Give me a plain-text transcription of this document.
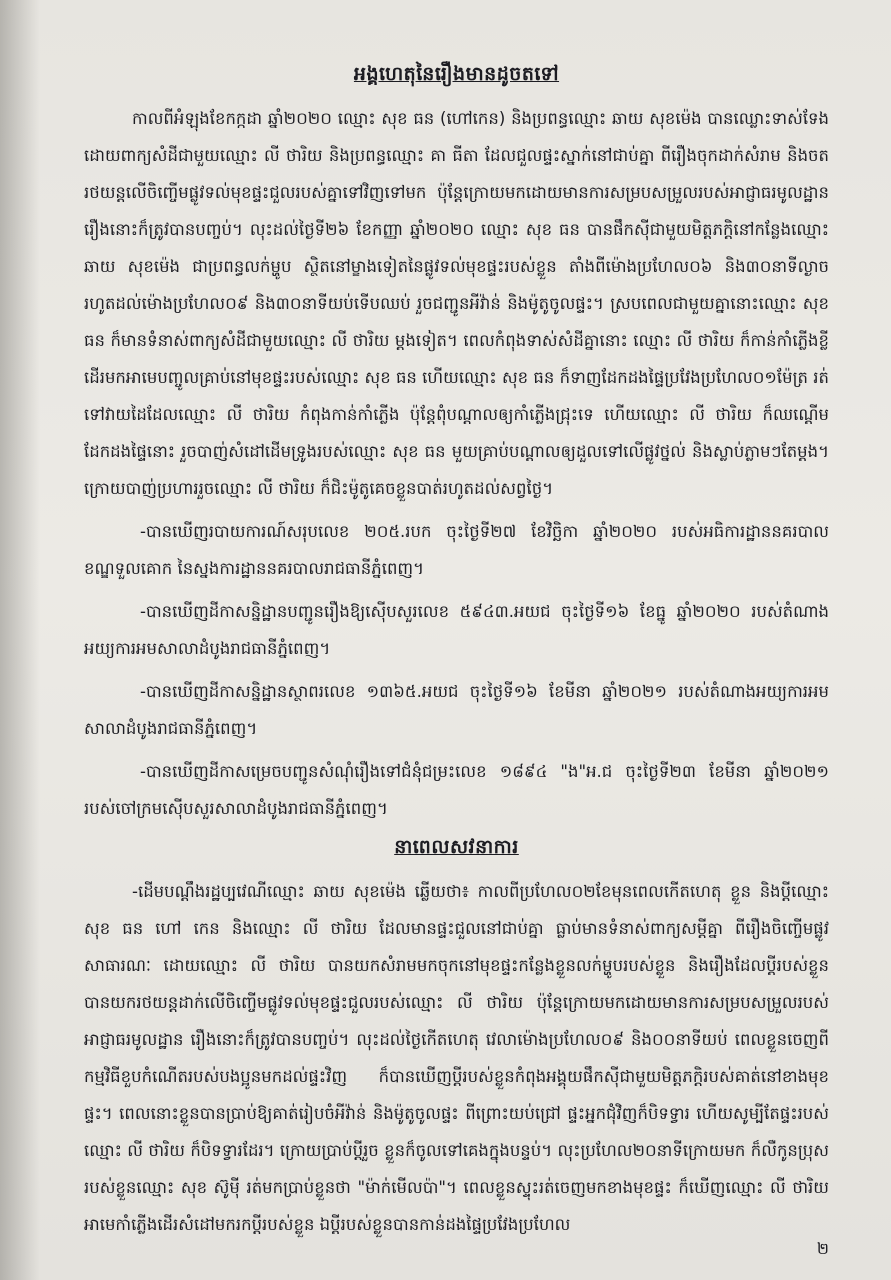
អង្គហេតុនៃរឿងមានដូចតទៅ

កាលពីអំឡុងខែកក្កដា ឆ្នាំ២០២០ ឈ្មោះ សុខ ធន (ហៅកេន) និងប្រពន្ធឈ្មោះ ឆាយ សុខម៉េង បានឈ្លោះទាស់ទែងដោយពាក្យសំដីជាមួយឈ្មោះ លី ថារិយ និងប្រពន្ធឈ្មោះ គា ធីតា ដែលជួលផ្ទះស្នាក់នៅជាប់គ្នា ពីរឿងចុកដាក់សំរាម និងចតរថយន្តលើចិញ្ចើមផ្លូវទល់មុខផ្ទះជួលរបស់គ្នាទៅវិញទៅមក ប៉ុន្តែក្រោយមកដោយមានការសម្របសម្រួលរបស់អាជ្ញាធរមូលដ្ឋាន រឿងនោះក៏ត្រូវបានបញ្ចប់។ លុះដល់ថ្ងៃទី២៦ ខែកញ្ញា ឆ្នាំ២០២០ ឈ្មោះ សុខ ធន បានផឹកស៊ីជាមួយមិត្តភក្តិនៅកន្លែងឈ្មោះ ឆាយ សុខម៉េង ជាប្រពន្ធលក់ម្ហូប ស្ថិតនៅម្ខាងទៀតនៃផ្លូវទល់មុខផ្ទះរបស់ខ្លួន តាំងពីម៉ោងប្រហែល០៦ និង៣០នាទីល្ងាច រហូតដល់ម៉ោងប្រហែល០៩ និង៣០នាទីយប់ទើបឈប់ រួចជញ្ជូនអីវ៉ាន់ និងម៉ូតូចូលផ្ទះ។ ស្របពេលជាមួយគ្នានោះឈ្មោះ សុខ ធន ក៏មានទំនាស់ពាក្យសំដីជាមួយឈ្មោះ លី ថារិយ ម្តងទៀត។ ពេលកំពុងទាស់សំដីគ្នានោះ ឈ្មោះ លី ថារិយ ក៏កាន់កាំភ្លើងខ្លីដើរមកអាមេបញ្ចូលគ្រាប់នៅមុខផ្ទះរបស់ឈ្មោះ សុខ ធន ហើយឈ្មោះ សុខ ធន ក៏ទាញដែកដងផ្ទៃប្រវែងប្រហែល០១ម៉ែត្រ រត់ទៅវាយដៃដែលឈ្មោះ លី ថារិយ កំពុងកាន់កាំភ្លើង ប៉ុន្តែពុំបណ្តាលឲ្យកាំភ្លើងជ្រុះទេ ហើយឈ្មោះ លី ថារិយ ក៏ឈណ្តើមដែកដងផ្ទៃនោះ រួចបាញ់សំដៅដើមទ្រូងរបស់ឈ្មោះ សុខ ធន មួយគ្រាប់បណ្តាលឲ្យដួលទៅលើផ្លូវថ្នល់ និងស្លាប់ភ្លាមៗតែម្តង។ ក្រោយបាញ់ប្រហាររួចឈ្មោះ លី ថារិយ ក៏ជិះម៉ូតូគេចខ្លួនបាត់រហូតដល់សព្វថ្ងៃ។

-បានឃើញរបាយការណ៍សរុបលេខ ២០៥.របក ចុះថ្ងៃទី២៧ ខែវិច្ឆិកា ឆ្នាំ២០២០ របស់អធិការដ្ឋាននគរបាលខណ្ឌទួលគោក នៃស្នងការដ្ឋាននគរបាលរាជធានីភ្នំពេញ។

-បានឃើញដីកាសន្និដ្ឋានបញ្ជូនរឿងឱ្យស៊ើបសួរលេខ ៥៩៤៣.អយជ ចុះថ្ងៃទី១៦ ខែធ្នូ ឆ្នាំ២០២០ របស់តំណាងអយ្យការអមសាលាដំបូងរាជធានីភ្នំពេញ។

-បានឃើញដីកាសន្និដ្ឋានស្ថាពរលេខ ១៣៦៥.អយជ ចុះថ្ងៃទី១៦ ខែមីនា ឆ្នាំ២០២១ របស់តំណាងអយ្យការអមសាលាដំបូងរាជធានីភ្នំពេញ។

-បានឃើញដីកាសម្រេចបញ្ជូនសំណុំរឿងទៅជំនុំជម្រះលេខ ១៨៩៤ "ង"អ.ជ ចុះថ្ងៃទី២៣ ខែមីនា ឆ្នាំ២០២១ របស់ចៅក្រមស៊ើបសួរសាលាដំបូងរាជធានីភ្នំពេញ។

នាពេលសវនាការ

-ដើមបណ្តឹងរដ្ឋប្បវេណីឈ្មោះ ឆាយ សុខម៉េង ឆ្លើយថា៖ កាលពីប្រហែល០២ខែមុនពេលកើតហេតុ ខ្លួន និងប្តីឈ្មោះ សុខ ធន ហៅ កេន និងឈ្មោះ លី ថារិយ ដែលមានផ្ទះជួលនៅជាប់គ្នា ធ្លាប់មានទំនាស់ពាក្យសម្តីគ្នា ពីរឿងចិញ្ចើមផ្លូវសាធារណៈ ដោយឈ្មោះ លី ថារិយ បានយកសំរាមមកចុកនៅមុខផ្ទះកន្លែងខ្លួនលក់ម្ហូបរបស់ខ្លួន និងរឿងដែលប្តីរបស់ខ្លួនបានយករថយន្តដាក់លើចិញ្ចើមផ្លូវទល់មុខផ្ទះជួលរបស់ឈ្មោះ លី ថារិយ ប៉ុន្តែក្រោយមកដោយមានការសម្របសម្រួលរបស់អាជ្ញាធរមូលដ្ឋាន រឿងនោះក៏ត្រូវបានបញ្ចប់។ លុះដល់ថ្ងៃកើតហេតុ វេលាម៉ោងប្រហែល០៩ និង០០នាទីយប់ ពេលខ្លួនចេញពីកម្មវិធីខួបកំណើតរបស់បងប្អូនមកដល់ផ្ទះវិញ ក៏បានឃើញប្តីរបស់ខ្លួនកំពុងអង្គុយផឹកស៊ីជាមួយមិត្តភក្តិរបស់គាត់នៅខាងមុខផ្ទះ។ ពេលនោះខ្លួនបានប្រាប់ឱ្យគាត់រៀបចំអីវ៉ាន់ និងម៉ូតូចូលផ្ទះ ពីព្រោះយប់ជ្រៅ ផ្ទះអ្នកជុំវិញក៏បិទទ្វារ ហើយសូម្បីតែផ្ទះរបស់ឈ្មោះ លី ថារិយ ក៏បិទទ្វារដែរ។ ក្រោយប្រាប់ប្តីរួច ខ្លួនក៏ចូលទៅគេងក្នុងបន្ទប់។ លុះប្រហែល២០នាទីក្រោយមក ក៏លឺកូនប្រុសរបស់ខ្លួនឈ្មោះ សុខ ស៊ូម៉ី រត់មកប្រាប់ខ្លួនថា "ម៉ាក់មើលប៉ា"។ ពេលខ្លួនស្ទុះរត់ចេញមកខាងមុខផ្ទះ ក៏ឃើញឈ្មោះ លី ថារិយ អាមេកាំភ្លើងដើរសំដៅមករកប្តីរបស់ខ្លួន ឯប្តីរបស់ខ្លួនបានកាន់ដងផ្ទៃប្រវែងប្រហែល

២
